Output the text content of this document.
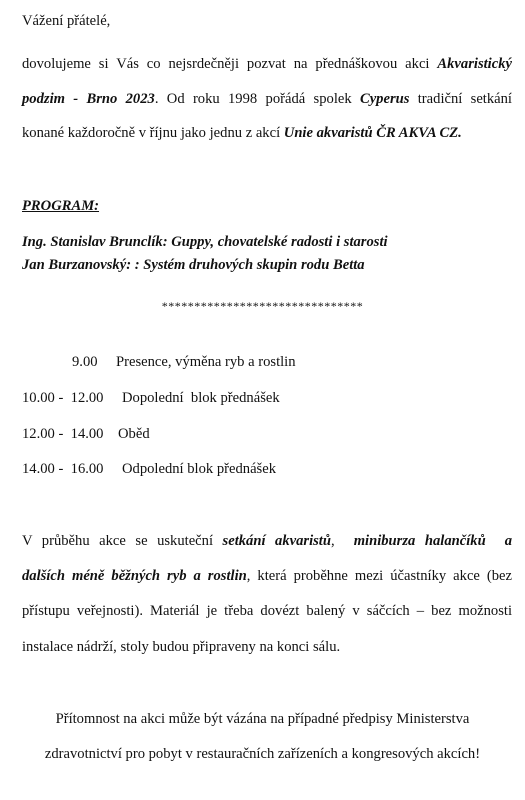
Vážení přátelé,
dovolujeme si Vás co nejsrdečněji pozvat na přednáškovou akci Akvaristický
podzim - Brno 2023. Od roku 1998 pořádá spolek Cyperus tradiční setkání
konané každoročně v říjnu jako jednu z akcí Unie akvaristů ČR AKVA CZ.
PROGRAM:
Ing. Stanislav Brunclík: Guppy, chovatelské radosti i starosti
Jan Burzanovský: : Systém druhových skupin rodu Betta
*******************************
9.00 Presence, výměna ryb a rostlin
10.00 -  12.00 Dopolední  blok přednášek
12.00 -  14.00 Oběd
14.00 -  16.00 Odpolední blok přednášek
V průběhu akce se uskuteční setkání akvaristů,  miniburza halančíků  a
dalších méně běžných ryb a rostlin, která proběhne mezi účastníky akce (bez
přístupu veřejnosti). Materiál je třeba dovézt balený v sáčcích – bez možnosti
instalace nádrží, stoly budou připraveny na konci sálu.
Přítomnost na akci může být vázána na případné předpisy Ministerstva
zdravotnictví pro pobyt v restauračních zařízeních a kongresových akcích!
